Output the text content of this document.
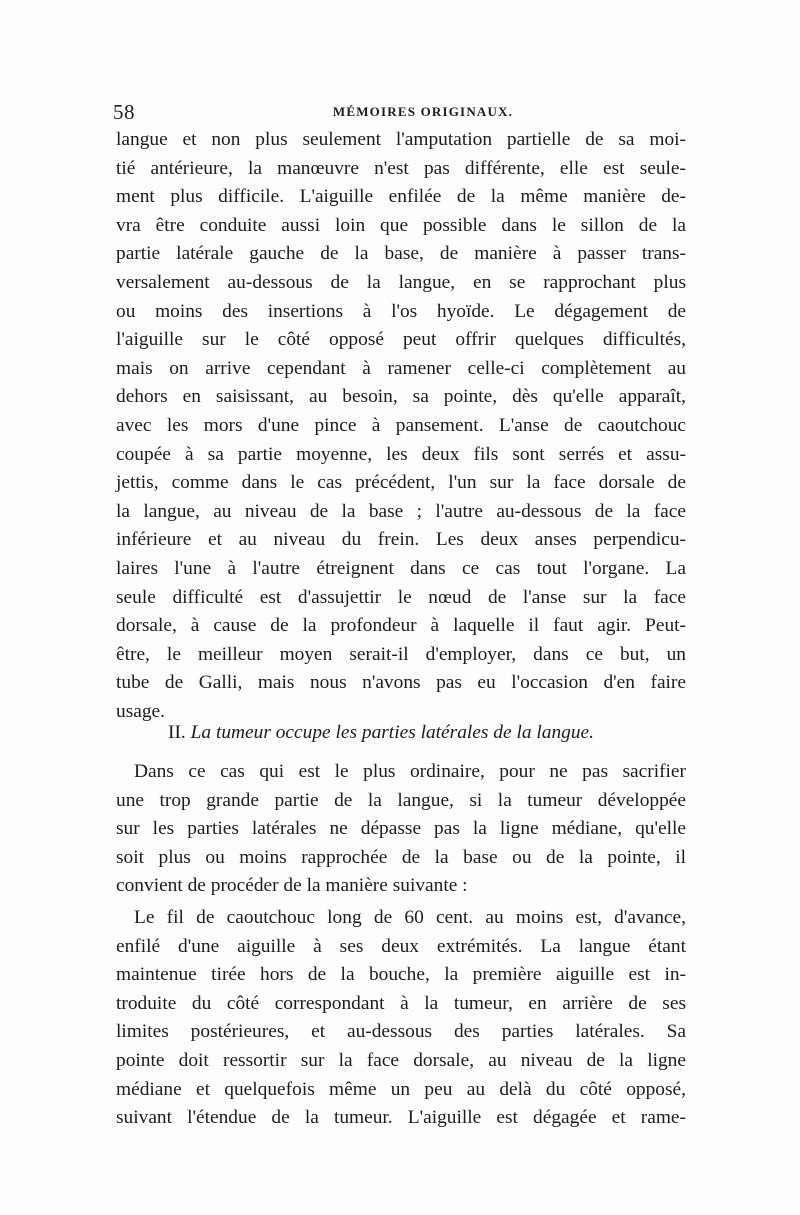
58	MÉMOIRES ORIGINAUX.
langue et non plus seulement l'amputation partielle de sa moi-
tié antérieure, la manœuvre n'est pas différente, elle est seule-
ment plus difficile. L'aiguille enfilée de la même manière de-
vra être conduite aussi loin que possible dans le sillon de la
partie latérale gauche de la base, de manière à passer trans-
versalement au-dessous de la langue, en se rapprochant plus
ou moins des insertions à l'os hyoïde. Le dégagement de
l'aiguille sur le côté opposé peut offrir quelques difficultés,
mais on arrive cependant à ramener celle-ci complètement au
dehors en saisissant, au besoin, sa pointe, dès qu'elle apparaît,
avec les mors d'une pince à pansement. L'anse de caoutchouc
coupée à sa partie moyenne, les deux fils sont serrés et assu-
jettis, comme dans le cas précédent, l'un sur la face dorsale de
la langue, au niveau de la base ; l'autre au-dessous de la face
inférieure et au niveau du frein. Les deux anses perpendicu-
laires l'une à l'autre étreignent dans ce cas tout l'organe. La
seule difficulté est d'assujettir le nœud de l'anse sur la face
dorsale, à cause de la profondeur à laquelle il faut agir. Peut-
être, le meilleur moyen serait-il d'employer, dans ce but, un
tube de Galli, mais nous n'avons pas eu l'occasion d'en faire
usage.
II. La tumeur occupe les parties latérales de la langue.
Dans ce cas qui est le plus ordinaire, pour ne pas sacrifier
une trop grande partie de la langue, si la tumeur développée
sur les parties latérales ne dépasse pas la ligne médiane, qu'elle
soit plus ou moins rapprochée de la base ou de la pointe, il
convient de procéder de la manière suivante :
Le fil de caoutchouc long de 60 cent. au moins est, d'avance,
enfilé d'une aiguille à ses deux extrémités. La langue étant
maintenue tirée hors de la bouche, la première aiguille est in-
troduite du côté correspondant à la tumeur, en arrière de ses
limites postérieures, et au-dessous des parties latérales. Sa
pointe doit ressortir sur la face dorsale, au niveau de la ligne
médiane et quelquefois même un peu au delà du côté opposé,
suivant l'étendue de la tumeur. L'aiguille est dégagée et rame-
